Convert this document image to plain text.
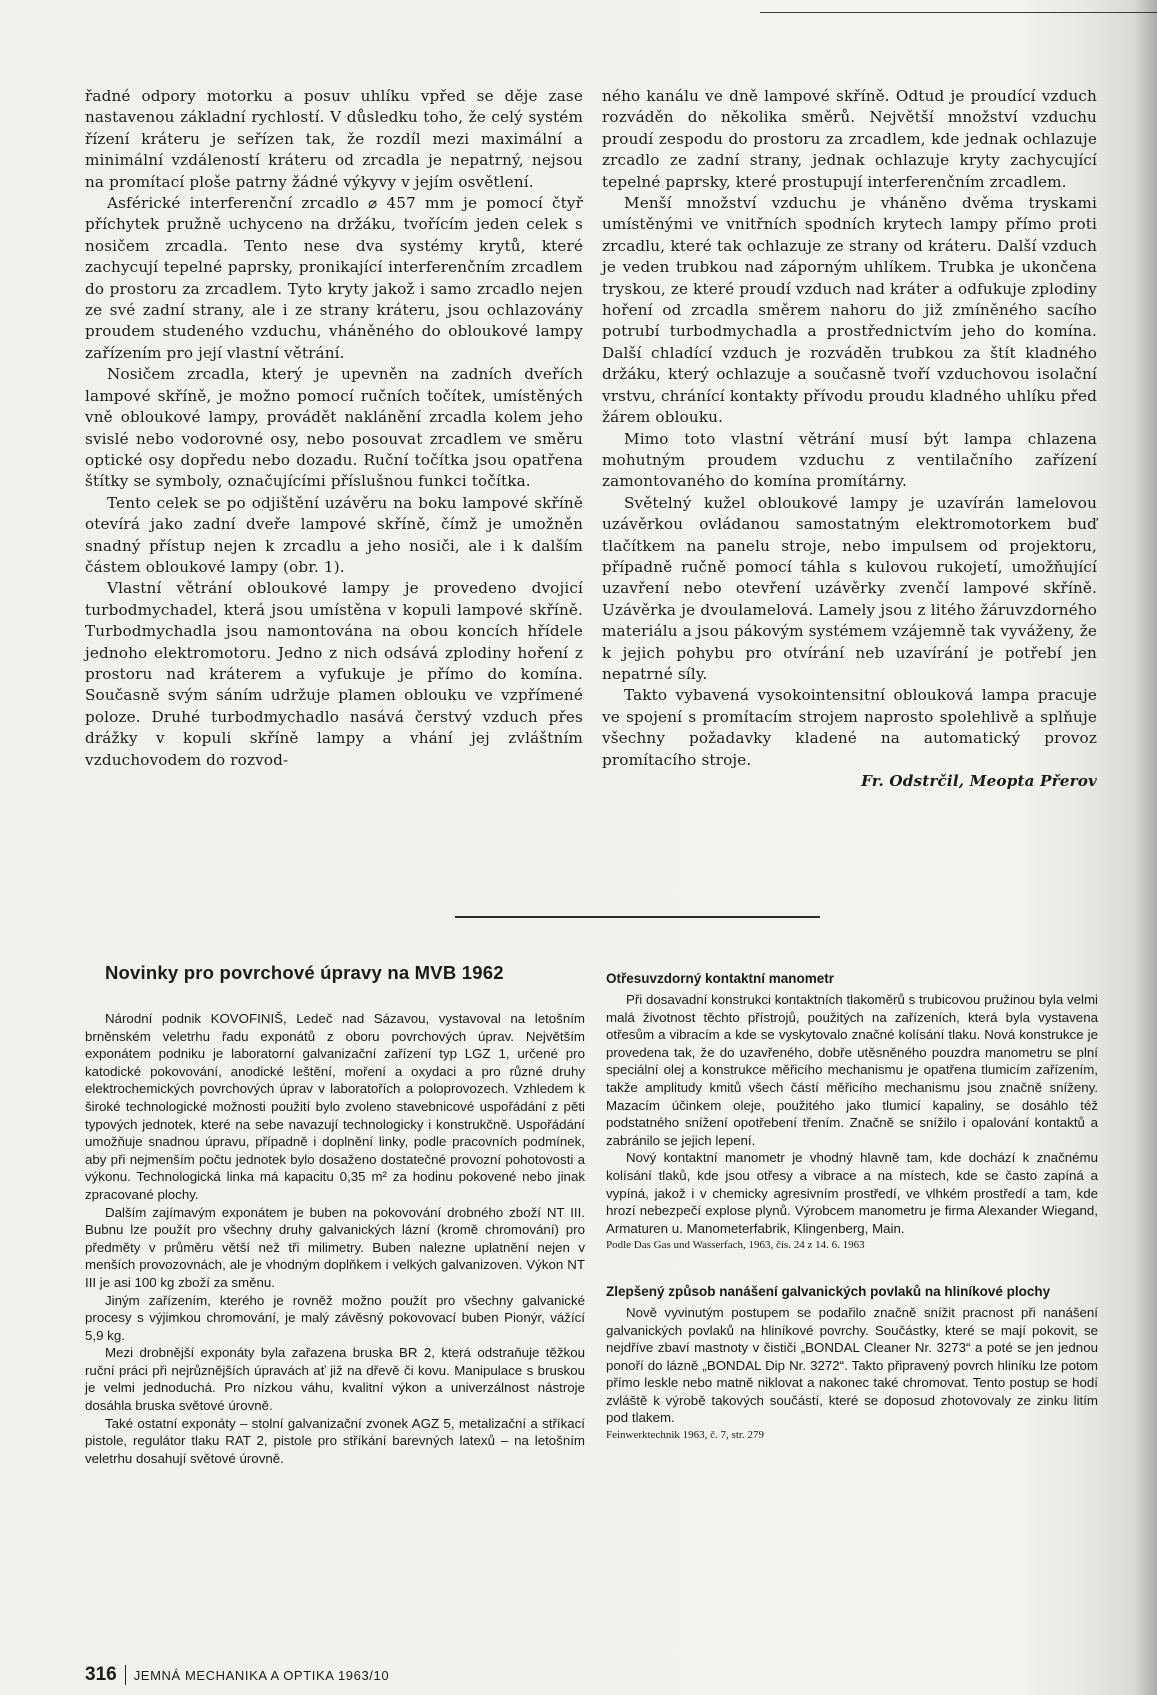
řadné odpory motorku a posuv uhlíku vpřed se děje zase nastavenou základní rychlostí. V důsledku toho, že celý systém řízení kráteru je seřízen tak, že rozdíl mezi maximální a minimální vzdáleností kráteru od zrcadla je nepatrný, nejsou na promítací ploše patrny žádné výkyvy v jejím osvětlení.

Asférické interferenční zrcadlo ⌀ 457 mm je pomocí čtyř příchytek pružně uchyceno na držáku, tvořícím jeden celek s nosičem zrcadla. Tento nese dva systémy krytů, které zachycují tepelné paprsky, pronikající interferenčním zrcadlem do prostoru za zrcadlem. Tyto kryty jakož i samo zrcadlo nejen ze své zadní strany, ale i ze strany kráteru, jsou ochlazovány proudem studeného vzduchu, vháněného do obloukové lampy zařízením pro její vlastní větrání.

Nosičem zrcadla, který je upevněn na zadních dveřích lampové skříně, je možno pomocí ručních točítek, umístěných vně obloukové lampy, provádět naklánění zrcadla kolem jeho svislé nebo vodorovné osy, nebo posouvat zrcadlem ve směru optické osy dopředu nebo dozadu. Ruční točítka jsou opatřena štítky se symboly, označujícími příslušnou funkci točítka.

Tento celek se po odjištění uzávěru na boku lampové skříně otevírá jako zadní dveře lampové skříně, čímž je umožněn snadný přístup nejen k zrcadlu a jeho nosiči, ale i k dalším částem obloukové lampy (obr. 1).

Vlastní větrání obloukové lampy je provedeno dvojicí turbodmychadel, která jsou umístěna v kopuli lampové skříně. Turbodmychadla jsou namontována na obou koncích hřídele jednoho elektromotoru. Jedno z nich odsává zplodiny hoření z prostoru nad kráterem a vyfukuje je přímo do komína. Současně svým sáním udržuje plamen oblouku ve vzpřímené poloze. Druhé turbodmychadlo nasává čerstvý vzduch přes drážky v kopuli skříně lampy a vhání jej zvláštním vzduchovodem do rozvod-

ného kanálu ve dně lampové skříně. Odtud je proudící vzduch rozváděn do několika směrů. Největší množství vzduchu proudí zespodu do prostoru za zrcadlem, kde jednak ochlazuje zrcadlo ze zadní strany, jednak ochlazuje kryty zachycující tepelné paprsky, které prostupují interferenčním zrcadlem.

Menší množství vzduchu je vháněno dvěma tryskami umístěnými ve vnitřních spodních krytech lampy přímo proti zrcadlu, které tak ochlazuje ze strany od kráteru. Další vzduch je veden trubkou nad záporným uhlíkem. Trubka je ukončena tryskou, ze které proudí vzduch nad kráter a odfukuje zplodiny hoření od zrcadla směrem nahoru do již zmíněného sacího potrubí turbodmychadla a prostřednictvím jeho do komína. Další chladící vzduch je rozváděn trubkou za štít kladného držáku, který ochlazuje a současně tvoří vzduchovou isolační vrstvu, chránící kontakty přívodu proudu kladného uhlíku před žárem oblouku.

Mimo toto vlastní větrání musí být lampa chlazena mohutným proudem vzduchu z ventilačního zařízení zamontovaného do komína promítárny.

Světelný kužel obloukové lampy je uzavírán lamelovou uzávěrkou ovládanou samostatným elektromotorkem buď tlačítkem na panelu stroje, nebo impulsem od projektoru, případně ručně pomocí táhla s kulovou rukojetí, umožňující uzavření nebo otevření uzávěrky zvenčí lampové skříně. Uzávěrka je dvoulamelová. Lamely jsou z litého žáruvzdorného materiálu a jsou pákovým systémem vzájemně tak vyváženy, že k jejich pohybu pro otvírání neb uzavírání je potřebí jen nepatrné síly.

Takto vybavená vysokointensitní oblouková lampa pracuje ve spojení s promítacím strojem naprosto spolehlivě a splňuje všechny požadavky kladené na automatický provoz promítacího stroje.

Fr. Odstrčil, Meopta Přerov

Novinky pro povrchové úpravy na MVB 1962

Národní podnik KOVOFINIŠ, Ledeč nad Sázavou, vystavoval na letošním brněnském veletrhu řadu exponátů z oboru povrchových úprav. Největším exponátem podniku je laboratorní galvanizační zařízení typ LGZ 1, určené pro katodické pokovování, anodické leštění, moření a oxydaci a pro různé druhy elektrochemických povrchových úprav v laboratořích a poloprovozech. Vzhledem k široké technologické možnosti použití bylo zvoleno stavebnicové uspořádání z pěti typových jednotek, které na sebe navazují technologicky i konstrukčně. Uspořádání umožňuje snadnou úpravu, případně i doplnění linky, podle pracovních podmínek, aby při nejmenším počtu jednotek bylo dosaženo dostatečné provozní pohotovosti a výkonu. Technologická linka má kapacitu 0,35 m² za hodinu pokovené nebo jinak zpracované plochy.

Dalším zajímavým exponátem je buben na pokovování drobného zboží NT III. Bubnu lze použít pro všechny druhy galvanických lázní (kromě chromování) pro předměty v průměru větší než tři milimetry. Buben nalezne uplatnění nejen v menších provozovnách, ale je vhodným doplňkem i velkých galvanizoven. Výkon NT III je asi 100 kg zboží za směnu.

Jiným zařízením, kterého je rovněž možno použít pro všechny galvanické procesy s výjimkou chromování, je malý závěsný pokovovací buben Pionýr, vážící 5,9 kg.

Mezi drobnější exponáty byla zařazena bruska BR 2, která odstraňuje těžkou ruční práci při nejrůznějších úpravách ať již na dřevě či kovu. Manipulace s bruskou je velmi jednoduchá. Pro nízkou váhu, kvalitní výkon a univerzálnost nástroje dosáhla bruska světové úrovně.

Také ostatní exponáty – stolní galvanizační zvonek AGZ 5, metalizační a stříkací pistole, regulátor tlaku RAT 2, pistole pro stříkání barevných latexů – na letošním veletrhu dosahují světové úrovně.

Otřesuvzdorný kontaktní manometr

Při dosavadní konstrukci kontaktních tlakoměrů s trubicovou pružinou byla velmi malá životnost těchto přístrojů, použitých na zařízeních, která byla vystavena otřesům a vibracím a kde se vyskytovalo značné kolísání tlaku. Nová konstrukce je provedena tak, že do uzavřeného, dobře utěsněného pouzdra manometru se plní speciální olej a konstrukce měřicího mechanismu je opatřena tlumicím zařízením, takže amplitudy kmitů všech částí měřicího mechanismu jsou značně sníženy. Mazacím účinkem oleje, použitého jako tlumicí kapaliny, se dosáhlo též podstatného snížení opotřebení třením. Značně se snížilo i opalování kontaktů a zabránilo se jejich lepení.

Nový kontaktní manometr je vhodný hlavně tam, kde dochází k značnému kolísání tlaků, kde jsou otřesy a vibrace a na místech, kde se často zapíná a vypíná, jakož i v chemicky agresivním prostředí, ve vlhkém prostředí a tam, kde hrozí nebezpečí explose plynů. Výrobcem manometru je firma Alexander Wiegand, Armaturen u. Manometerfabrik, Klingenberg, Main.

Podle Das Gas und Wasserfach, 1963, čís. 24 z 14. 6. 1963

Zlepšený způsob nanášení galvanických povlaků na hliníkové plochy

Nově vyvinutým postupem se podařilo značně snížit pracnost při nanášení galvanických povlaků na hliníkové povrchy. Součástky, které se mají pokovit, se nejdříve zbaví mastnoty v čističi „BONDAL Cleaner Nr. 3273“ a poté se jen jednou ponoří do lázně „BONDAL Dip Nr. 3272“. Takto připravený povrch hliníku lze potom přímo leskle nebo matně niklovat a nakonec také chromovat. Tento postup se hodí zvláště k výrobě takových součástí, které se doposud zhotovovaly ze zinku litím pod tlakem.

Feinwerktechnik 1963, č. 7, str. 279

316 JEMNÁ MECHANIKA A OPTIKA 1963/10
